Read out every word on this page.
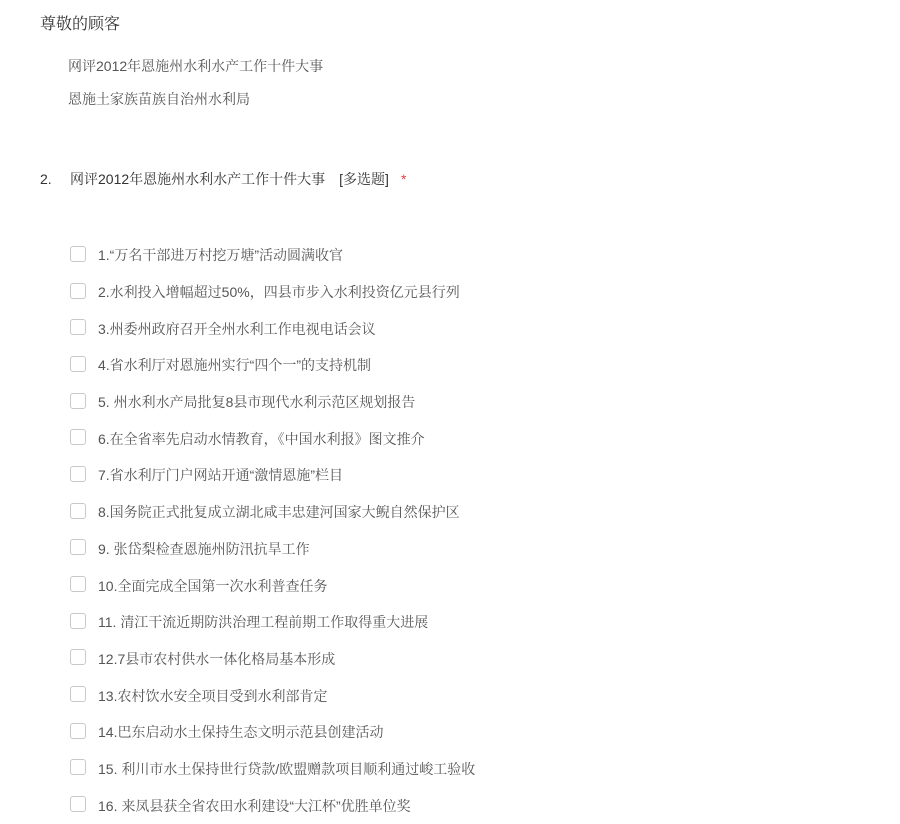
尊敬的顾客
网评2012年恩施州水利水产工作十件大事
恩施土家族苗族自治州水利局
2. 网评2012年恩施州水利水产工作十件大事 [多选题] *
1.“万名干部进万村挖万塘”活动圆满收官
2.水利投入增幅超过50%，四县市步入水利投资亿元县行列
3.州委州政府召开全州水利工作电视电话会议
4.省水利厅对恩施州实行“四个一”的支持机制
5. 州水利水产局批复8县市现代水利示范区规划报告
6.在全省率先启动水情教育，《中国水利报》图文推介
7.省水利厅门户网站开通“激情恩施”栏目
8.国务院正式批复成立湖北咸丰忠建河国家大鲵自然保护区
9. 张岱梨检查恩施州防汛抗旱工作
10.全面完成全国第一次水利普查任务
11. 清江干流近期防洪治理工程前期工作取得重大进展
12.7县市农村供水一体化格局基本形成
13.农村饮水安全项目受到水利部肯定
14.巴东启动水土保持生态文明示范县创建活动
15. 利川市水土保持世行贷款/欧盟赠款项目顺利通过峻工验收
16. 来凤县获全省农田水利建设“大江杯”优胜单位奖
